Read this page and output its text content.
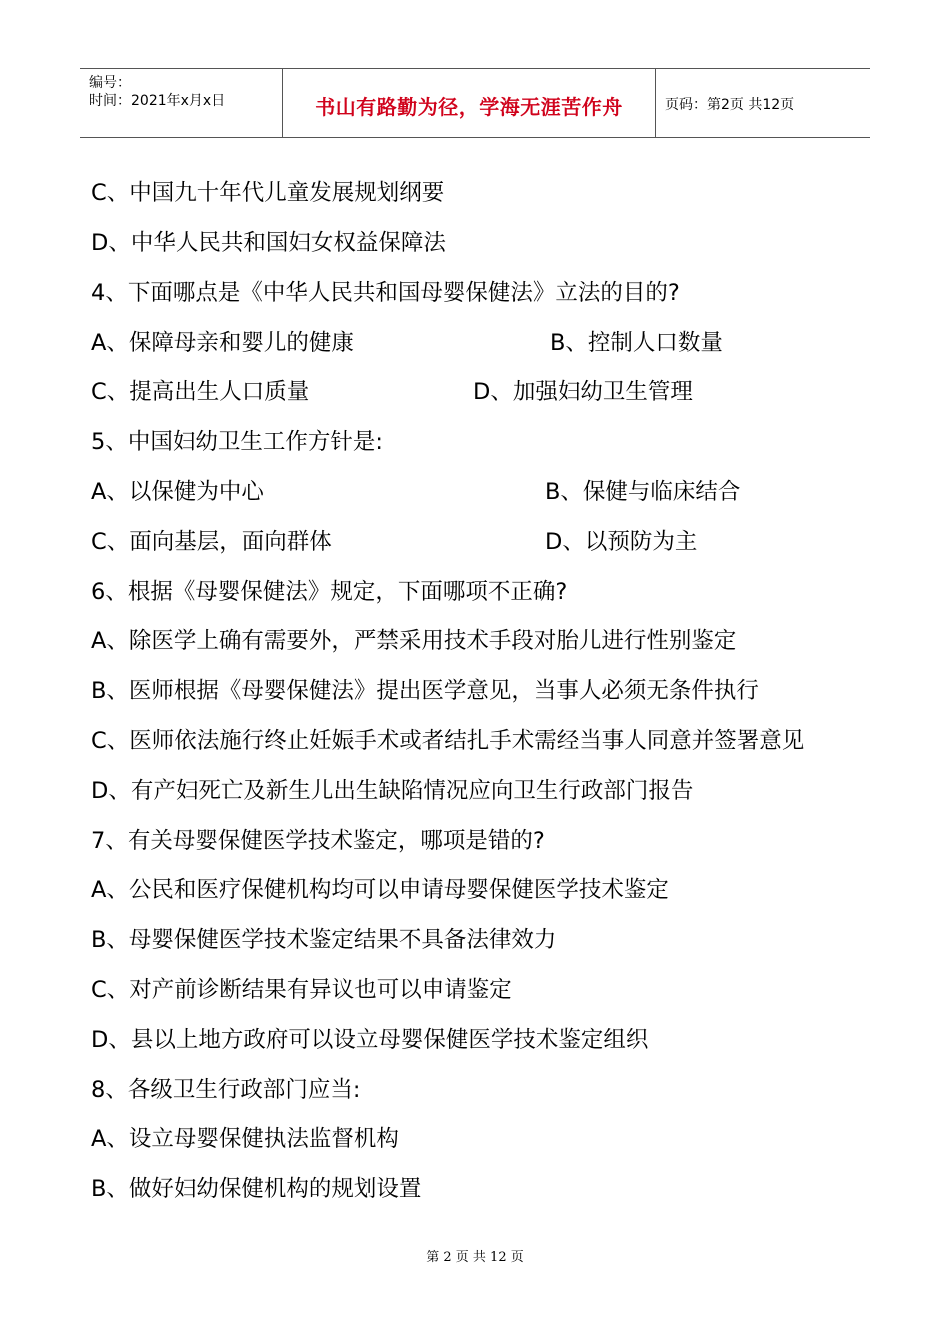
编号：
时间：2021年x月x日	书山有路勤为径，学海无涯苦作舟	页码：第2页 共12页
C、中国九十年代儿童发展规划纲要
D、中华人民共和国妇女权益保障法
4、下面哪点是《中华人民共和国母婴保健法》立法的目的?
A、保障母亲和婴儿的健康	B、控制人口数量
C、提高出生人口质量	D、加强妇幼卫生管理
5、中国妇幼卫生工作方针是:
A、以保健为中心	B、保健与临床结合
C、面向基层，面向群体	D、以预防为主
6、根据《母婴保健法》规定，下面哪项不正确?
A、除医学上确有需要外，严禁采用技术手段对胎儿进行性别鉴定
B、医师根据《母婴保健法》提出医学意见，当事人必须无条件执行
C、医师依法施行终止妊娠手术或者结扎手术需经当事人同意并签署意见
D、有产妇死亡及新生儿出生缺陷情况应向卫生行政部门报告
7、有关母婴保健医学技术鉴定，哪项是错的?
A、公民和医疗保健机构均可以申请母婴保健医学技术鉴定
B、母婴保健医学技术鉴定结果不具备法律效力
C、对产前诊断结果有异议也可以申请鉴定
D、县以上地方政府可以设立母婴保健医学技术鉴定组织
8、各级卫生行政部门应当:
A、设立母婴保健执法监督机构
B、做好妇幼保健机构的规划设置
第 2 页 共 12 页
